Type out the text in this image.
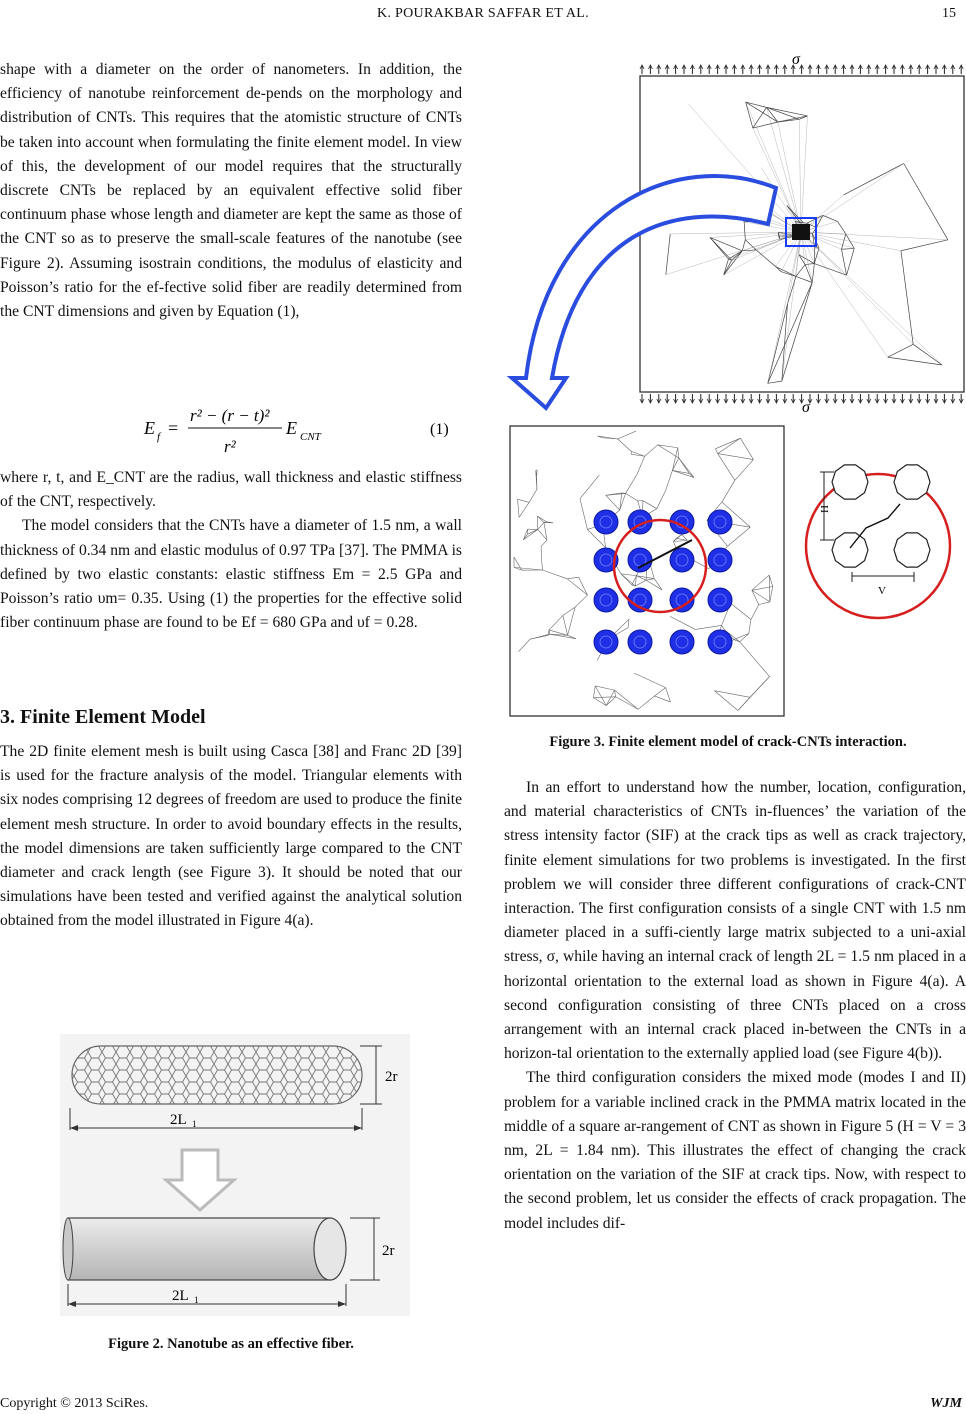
K. POURAKBAR SAFFAR ET AL.	15

shape with a diameter on the order of nanometers. In addition, the efficiency of nanotube reinforcement de-pends on the morphology and distribution of CNTs. This requires that the atomistic structure of CNTs be taken into account when formulating the finite element model. In view of this, the development of our model requires that the structurally discrete CNTs be replaced by an equivalent effective solid fiber continuum phase whose length and diameter are kept the same as those of the CNT so as to preserve the small-scale features of the nanotube (see Figure 2). Assuming isostrain conditions, the modulus of elasticity and Poisson’s ratio for the ef-fective solid fiber are readily determined from the CNT dimensions and given by Equation (1),

E f =
r² − (r − t)²
r²
E CNT	(1)

where r, t, and E_CNT are the radius, wall thickness and elastic stiffness of the CNT, respectively.

The model considers that the CNTs have a diameter of 1.5 nm, a wall thickness of 0.34 nm and elastic modulus of 0.97 TPa [37]. The PMMA is defined by two elastic constants: elastic stiffness Em = 2.5 GPa and Poisson’s ratio υm= 0.35. Using (1) the properties for the effective solid fiber continuum phase are found to be Ef = 680 GPa and υf = 0.28.

3. Finite Element Model

The 2D finite element mesh is built using Casca [38] and Franc 2D [39] is used for the fracture analysis of the model. Triangular elements with six nodes comprising 12 degrees of freedom are used to produce the finite element mesh structure. In order to avoid boundary effects in the results, the model dimensions are taken sufficiently large compared to the CNT diameter and crack length (see Figure 3). It should be noted that our simulations have been tested and verified against the analytical solution obtained from the model illustrated in Figure 4(a).

2r
2L 1
2r
2L 1
Figure 2. Nanotube as an effective fiber.
σ
σ
H
V
Figure 3. Finite element model of crack-CNTs interaction.

In an effort to understand how the number, location, configuration, and material characteristics of CNTs in-fluences’ the variation of the stress intensity factor (SIF) at the crack tips as well as crack trajectory, finite element simulations for two problems is investigated. In the first problem we will consider three different configurations of crack-CNT interaction. The first configuration consists of a single CNT with 1.5 nm diameter placed in a suffi-ciently large matrix subjected to a uni-axial stress, σ, while having an internal crack of length 2L = 1.5 nm placed in a horizontal orientation to the external load as shown in Figure 4(a). A second configuration consisting of three CNTs placed on a cross arrangement with an internal crack placed in-between the CNTs in a horizon-tal orientation to the externally applied load (see Figure 4(b)).

The third configuration considers the mixed mode (modes I and II) problem for a variable inclined crack in the PMMA matrix located in the middle of a square ar-rangement of CNT as shown in Figure 5 (H = V = 3 nm, 2L = 1.84 nm). This illustrates the effect of changing the crack orientation on the variation of the SIF at crack tips. Now, with respect to the second problem, let us consider the effects of crack propagation. The model includes dif-

Copyright © 2013 SciRes.	WJM
